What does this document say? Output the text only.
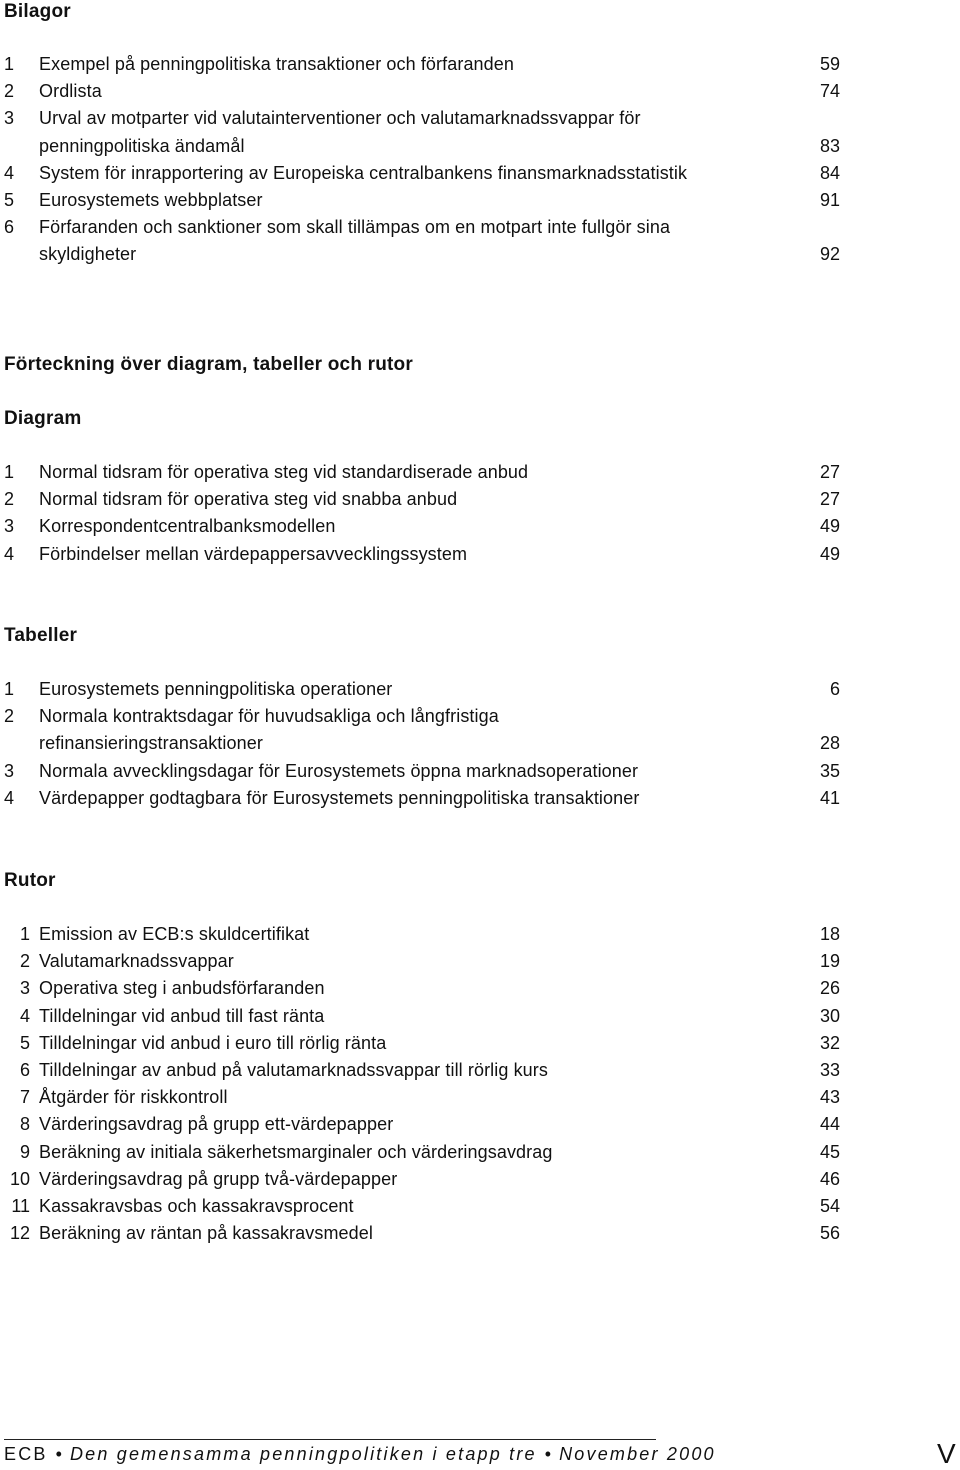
Bilagor
Förteckning över diagram, tabeller och rutor
Diagram
Tabeller
Rutor
1	Exempel på penningpolitiska transaktioner och förfaranden	59
2	Ordlista	74
3	Urval av motparter vid valutainterventioner och valutamarknadssvappar för
penningpolitiska ändamål	83
4	System för inrapportering av Europeiska centralbankens finansmarknadsstatistik	84
5	Eurosystemets webbplatser	91
6	Förfaranden och sanktioner som skall tillämpas om en motpart inte fullgör sina
skyldigheter	92
1	Normal tidsram för operativa steg vid standardiserade anbud	27
2	Normal tidsram för operativa steg vid snabba anbud	27
3	Korrespondentcentralbanksmodellen	49
4	Förbindelser mellan värdepappersavvecklingssystem	49
1	Eurosystemets penningpolitiska operationer	6
2	Normala kontraktsdagar för huvudsakliga och långfristiga
refinansieringstransaktioner	28
3	Normala avvecklingsdagar för Eurosystemets öppna marknadsoperationer	35
4	Värdepapper godtagbara för Eurosystemets penningpolitiska transaktioner	41
1 Emission av ECB:s skuldcertifikat	18
2 Valutamarknadssvappar	19
3 Operativa steg i anbudsförfaranden	26
4 Tilldelningar vid anbud till fast ränta	30
5 Tilldelningar vid anbud i euro till rörlig ränta	32
6 Tilldelningar av anbud på valutamarknadssvappar till rörlig kurs	33
7 Åtgärder för riskkontroll	43
8 Värderingsavdrag på grupp ett-värdepapper	44
9 Beräkning av initiala säkerhetsmarginaler och värderingsavdrag	45
10 Värderingsavdrag på grupp två-värdepapper	46
11 Kassakravsbas och kassakravsprocent	54
12 Beräkning av räntan på kassakravsmedel	56
ECB • Den gemensamma penningpolitiken i etapp tre • November 2000	V
